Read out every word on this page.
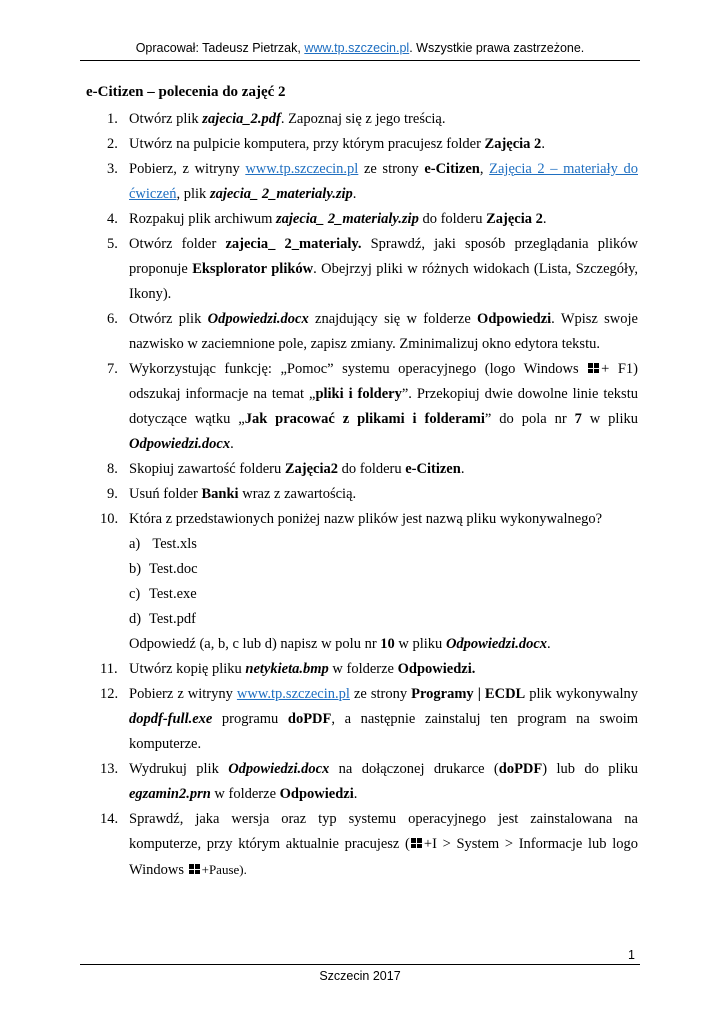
Opracował: Tadeusz Pietrzak, www.tp.szczecin.pl. Wszystkie prawa zastrzeżone.
e-Citizen – polecenia do zajęć 2

1. Otwórz plik zajecia_2.pdf. Zapoznaj się z jego treścią.

2. Utwórz na pulpicie komputera, przy którym pracujesz folder Zajęcia 2.

3. Pobierz, z witryny www.tp.szczecin.pl ze strony e-Citizen, Zajęcia 2 – materiały do ćwiczeń, plik zajecia_ 2_materialy.zip.

4. Rozpakuj plik archiwum zajecia_ 2_materialy.zip do folderu Zajęcia 2.

5. Otwórz folder zajecia_ 2_materialy. Sprawdź, jaki sposób przeglądania plików proponuje Eksplorator plików. Obejrzyj pliki w różnych widokach (Lista, Szczegóły, Ikony).

6. Otwórz plik Odpowiedzi.docx znajdujący się w folderze Odpowiedzi. Wpisz swoje nazwisko w zaciemnione pole, zapisz zmiany. Zminimalizuj okno edytora tekstu.

7. Wykorzystując funkcję: „Pomoc” systemu operacyjnego (logo Windows
+ F1) odszukaj informacje na temat „pliki i foldery”. Przekopiuj dwie dowolne linie tekstu dotyczące wątku „Jak pracować z plikami i folderami” do pola nr 7 w pliku Odpowiedzi.docx.

8. Skopiuj zawartość folderu Zajęcia2 do folderu e-Citizen.

9. Usuń folder Banki wraz z zawartością.

10. Która z przedstawionych poniżej nazw plików jest nazwą pliku wykonywalnego?

a) Test.xls
b) Test.doc
c) Test.exe
d) Test.pdf
Odpowiedź (a, b, c lub d) napisz w polu nr 10 w pliku Odpowiedzi.docx.

11. Utwórz kopię pliku netykieta.bmp w folderze Odpowiedzi.

12. Pobierz z witryny www.tp.szczecin.pl ze strony Programy | ECDL plik wykonywalny dopdf-full.exe programu doPDF, a następnie zainstaluj ten program na swoim komputerze.

13. Wydrukuj plik Odpowiedzi.docx na dołączonej drukarce (doPDF) lub do pliku egzamin2.prn w folderze Odpowiedzi.

14. Sprawdź, jaka wersja oraz typ systemu operacyjnego jest zainstalowana na komputerze, przy którym aktualnie pracujesz ( +I > System > Informacje lub logo Windows
+Pause).

1
Szczecin 2017
